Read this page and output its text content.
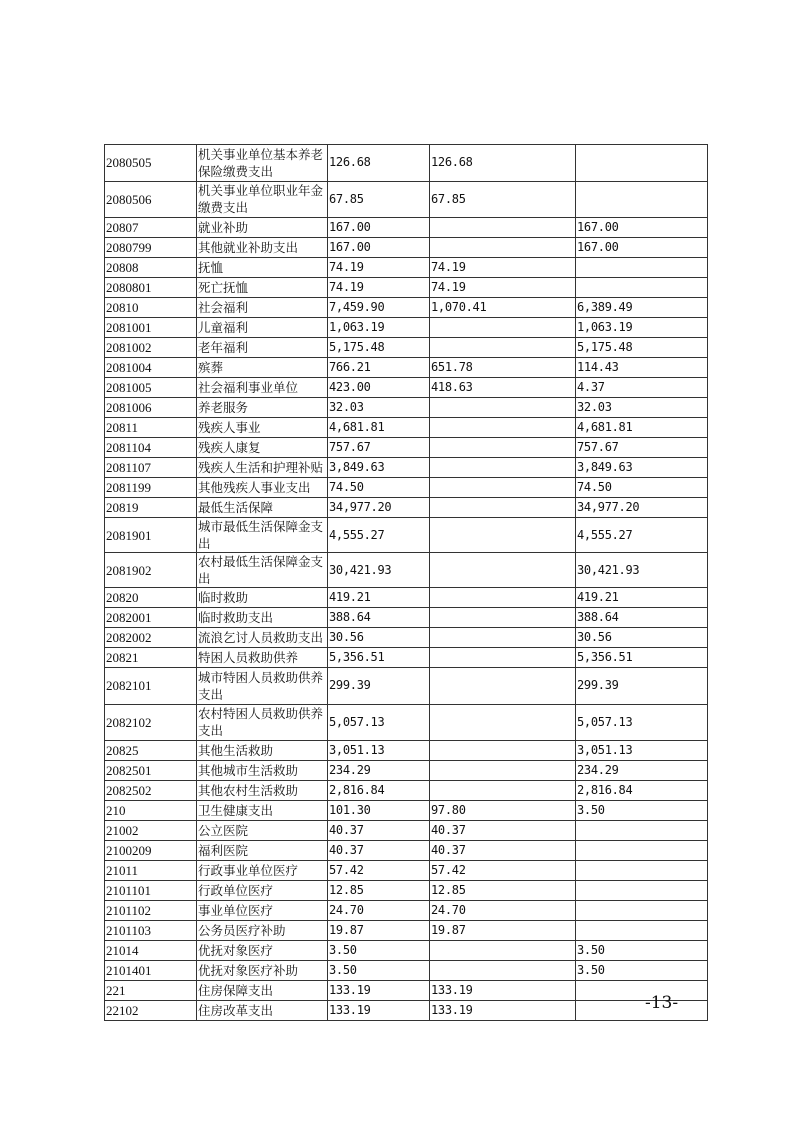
2080505	机关事业单位基本养老保险缴费支出	126.68	126.68	
2080506	机关事业单位职业年金缴费支出	67.85	67.85	
20807	就业补助	167.00		167.00
2080799	其他就业补助支出	167.00		167.00
20808	抚恤	74.19	74.19	
2080801	死亡抚恤	74.19	74.19	
20810	社会福利	7,459.90	1,070.41	6,389.49
2081001	儿童福利	1,063.19		1,063.19
2081002	老年福利	5,175.48		5,175.48
2081004	殡葬	766.21	651.78	114.43
2081005	社会福利事业单位	423.00	418.63	4.37
2081006	养老服务	32.03		32.03
20811	残疾人事业	4,681.81		4,681.81
2081104	残疾人康复	757.67		757.67
2081107	残疾人生活和护理补贴	3,849.63		3,849.63
2081199	其他残疾人事业支出	74.50		74.50
20819	最低生活保障	34,977.20		34,977.20
2081901	城市最低生活保障金支出	4,555.27		4,555.27
2081902	农村最低生活保障金支出	30,421.93		30,421.93
20820	临时救助	419.21		419.21
2082001	临时救助支出	388.64		388.64
2082002	流浪乞讨人员救助支出	30.56		30.56
20821	特困人员救助供养	5,356.51		5,356.51
2082101	城市特困人员救助供养支出	299.39		299.39
2082102	农村特困人员救助供养支出	5,057.13		5,057.13
20825	其他生活救助	3,051.13		3,051.13
2082501	其他城市生活救助	234.29		234.29
2082502	其他农村生活救助	2,816.84		2,816.84
210	卫生健康支出	101.30	97.80	3.50
21002	公立医院	40.37	40.37	
2100209	福利医院	40.37	40.37	
21011	行政事业单位医疗	57.42	57.42	
2101101	行政单位医疗	12.85	12.85	
2101102	事业单位医疗	24.70	24.70	
2101103	公务员医疗补助	19.87	19.87	
21014	优抚对象医疗	3.50		3.50
2101401	优抚对象医疗补助	3.50		3.50
221	住房保障支出	133.19	133.19	
22102	住房改革支出	133.19	133.19		-13-
